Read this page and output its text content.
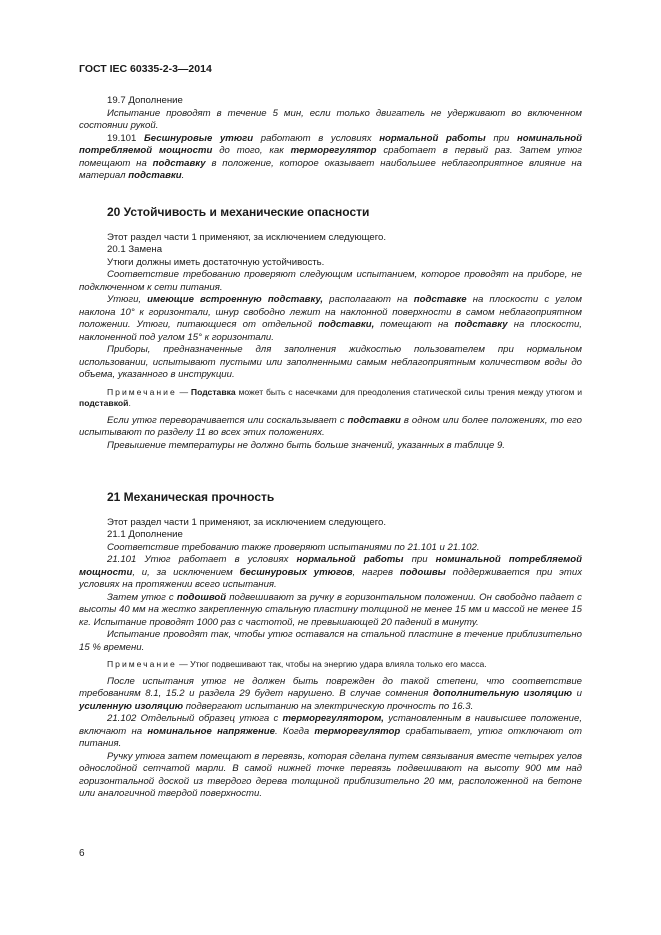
ГОСТ IEC 60335-2-3—2014

19.7 Дополнение

Испытание проводят в течение 5 мин, если только двигатель не удерживают во включенном состоянии рукой.

19.101 Бесшнуровые утюги работают в условиях нормальной работы при номинальной потребляемой мощности до того, как терморегулятор сработает в первый раз. Затем утюг помещают на подставку в положение, которое оказывает наибольшее неблагоприятное влияние на материал подставки.

20 Устойчивость и механические опасности

Этот раздел части 1 применяют, за исключением следующего.

20.1 Замена

Утюги должны иметь достаточную устойчивость.

Соответствие требованию проверяют следующим испытанием, которое проводят на приборе, не подключенном к сети питания.

Утюги, имеющие встроенную подставку, располагают на подставке на плоскости с углом наклона 10° к горизонтали, шнур свободно лежит на наклонной поверхности в самом неблагоприятном положении. Утюги, питающиеся от отдельной подставки, помещают на подставку на плоскости, наклоненной под углом 15° к горизонтали.

Приборы, предназначенные для заполнения жидкостью пользователем при нормальном использовании, испытывают пустыми или заполненными самым неблагоприятным количеством воды до объема, указанного в инструкции.

Примечание — Подставка может быть с насечками для преодоления статической силы трения между утюгом и подставкой.

Если утюг переворачивается или соскальзывает с подставки в одном или более положениях, то его испытывают по разделу 11 во всех этих положениях.

Превышение температуры не должно быть больше значений, указанных в таблице 9.

21 Механическая прочность

Этот раздел части 1 применяют, за исключением следующего.

21.1 Дополнение

Соответствие требованию также проверяют испытаниями по 21.101 и 21.102.

21.101 Утюг работает в условиях нормальной работы при номинальной потребляемой мощности, и, за исключением бесшнуровых утюгов, нагрев подошвы поддерживается при этих условиях на протяжении всего испытания.

Затем утюг с подошвой подвешивают за ручку в горизонтальном положении. Он свободно падает с высоты 40 мм на жестко закрепленную стальную пластину толщиной не менее 15 мм и массой не менее 15 кг. Испытание проводят 1000 раз с частотой, не превышающей 20 падений в минуту.

Испытание проводят так, чтобы утюг оставался на стальной пластине в течение приблизительно 15 % времени.

Примечание — Утюг подвешивают так, чтобы на энергию удара влияла только его масса.

После испытания утюг не должен быть поврежден до такой степени, что соответствие требованиям 8.1, 15.2 и раздела 29 будет нарушено. В случае сомнения дополнительную изоляцию и усиленную изоляцию подвергают испытанию на электрическую прочность по 16.3.

21.102 Отдельный образец утюга с терморегулятором, установленным в наивысшее положение, включают на номинальное напряжение. Когда терморегулятор срабатывает, утюг отключают от питания.

Ручку утюга затем помещают в перевязь, которая сделана путем связывания вместе четырех углов однослойной сетчатой марли. В самой нижней точке перевязь подвешивают на высоту 900 мм над горизонтальной доской из твердого дерева толщиной приблизительно 20 мм, расположенной на бетоне или аналогичной твердой поверхности.

6
